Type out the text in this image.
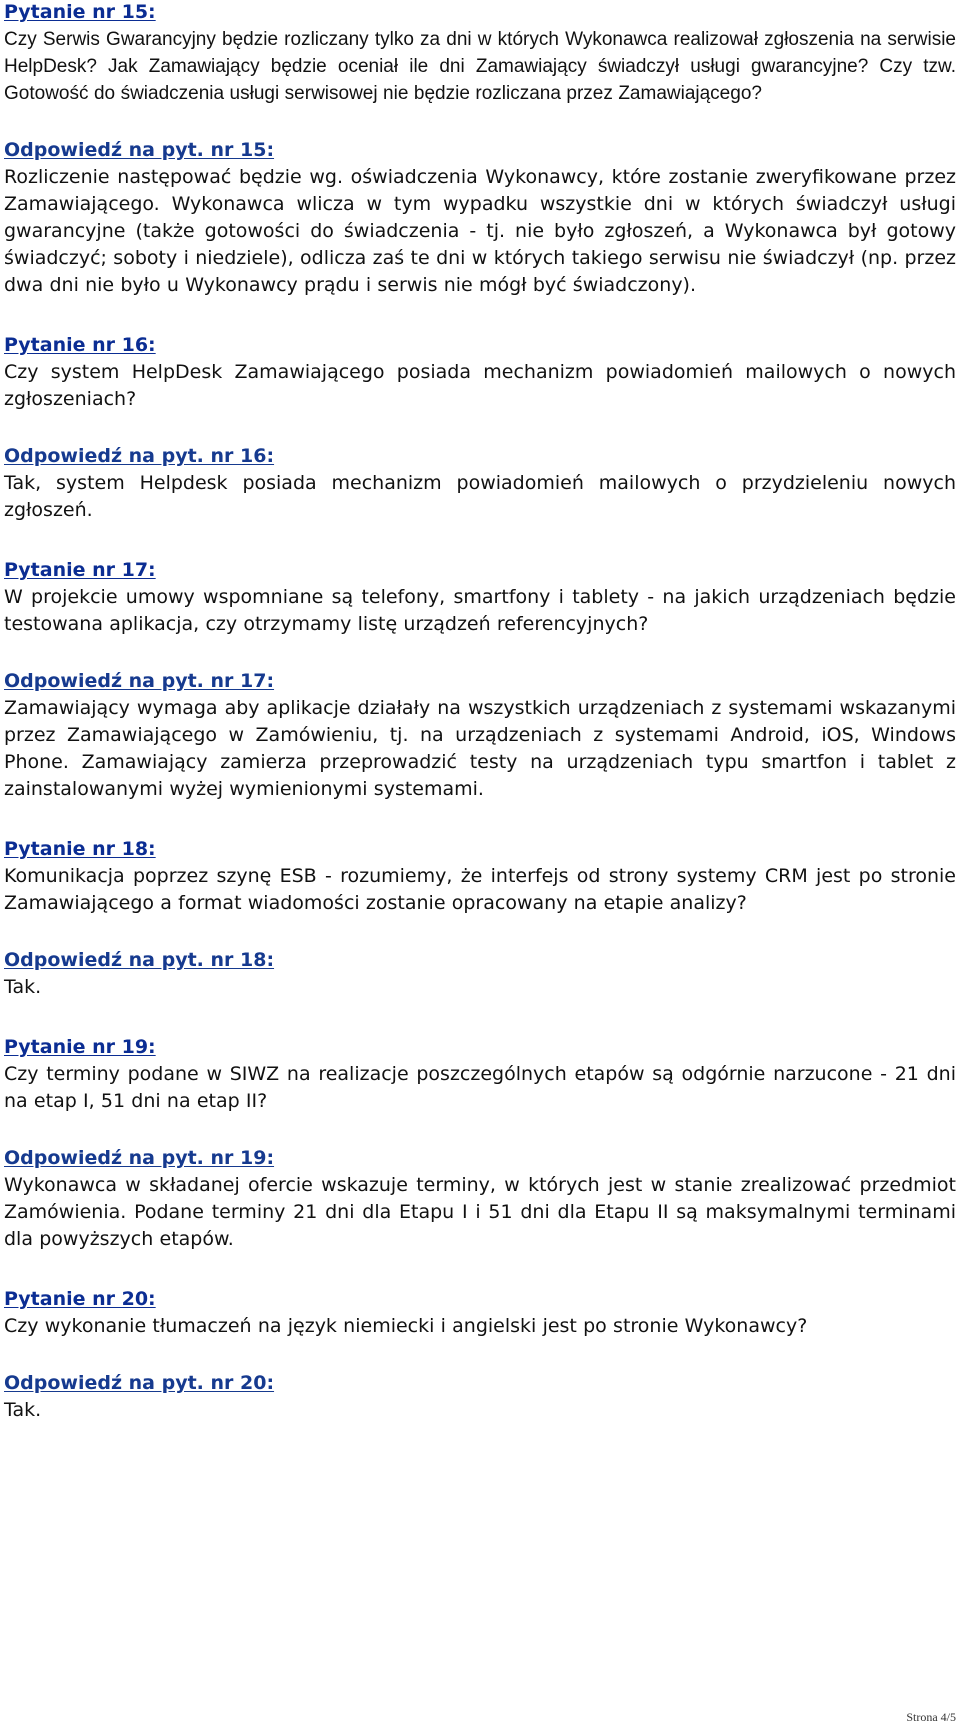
Pytanie nr 15:

Czy Serwis Gwarancyjny będzie rozliczany tylko za dni w których Wykonawca realizował zgłoszenia na serwisie HelpDesk? Jak Zamawiający będzie oceniał ile dni Zamawiający świadczył usługi gwarancyjne? Czy tzw. Gotowość do świadczenia usługi serwisowej nie będzie rozliczana przez Zamawiającego?

Odpowiedź na pyt. nr 15:

Rozliczenie następować będzie wg. oświadczenia Wykonawcy, które zostanie zweryfikowane przez Zamawiającego. Wykonawca wlicza w tym wypadku wszystkie dni w których świadczył usługi gwarancyjne (także gotowości do świadczenia - tj. nie było zgłoszeń, a Wykonawca był gotowy świadczyć; soboty i niedziele), odlicza zaś te dni w których takiego serwisu nie świadczył (np. przez dwa dni nie było u Wykonawcy prądu i serwis nie mógł być świadczony).

Pytanie nr 16:

Czy system HelpDesk Zamawiającego posiada mechanizm powiadomień mailowych o nowych zgłoszeniach?

Odpowiedź na pyt. nr 16:

Tak, system Helpdesk posiada mechanizm powiadomień mailowych o przydzieleniu nowych zgłoszeń.

Pytanie nr 17:

W projekcie umowy wspomniane są telefony, smartfony i tablety - na jakich urządzeniach będzie testowana aplikacja, czy otrzymamy listę urządzeń referencyjnych?

Odpowiedź na pyt. nr 17:

Zamawiający wymaga aby aplikacje działały na wszystkich urządzeniach z systemami wskazanymi przez Zamawiającego w Zamówieniu, tj. na urządzeniach z systemami Android, iOS, Windows Phone. Zamawiający zamierza przeprowadzić testy na urządzeniach typu smartfon i tablet z zainstalowanymi wyżej wymienionymi systemami.

Pytanie nr 18:

Komunikacja poprzez szynę ESB - rozumiemy, że interfejs od strony systemy CRM jest po stronie Zamawiającego a format wiadomości zostanie opracowany na etapie analizy?

Odpowiedź na pyt. nr 18:

Tak.

Pytanie nr 19:

Czy terminy podane w SIWZ na realizacje poszczególnych etapów są odgórnie narzucone - 21 dni na etap I, 51 dni na etap II?

Odpowiedź na pyt. nr 19:

Wykonawca w składanej ofercie wskazuje terminy, w których jest w stanie zrealizować przedmiot Zamówienia. Podane terminy 21 dni dla Etapu I i 51 dni dla Etapu II są maksymalnymi terminami dla powyższych etapów.

Pytanie nr 20:

Czy wykonanie tłumaczeń na język niemiecki i angielski jest po stronie Wykonawcy?

Odpowiedź na pyt. nr 20:

Tak.

Strona 4/5
